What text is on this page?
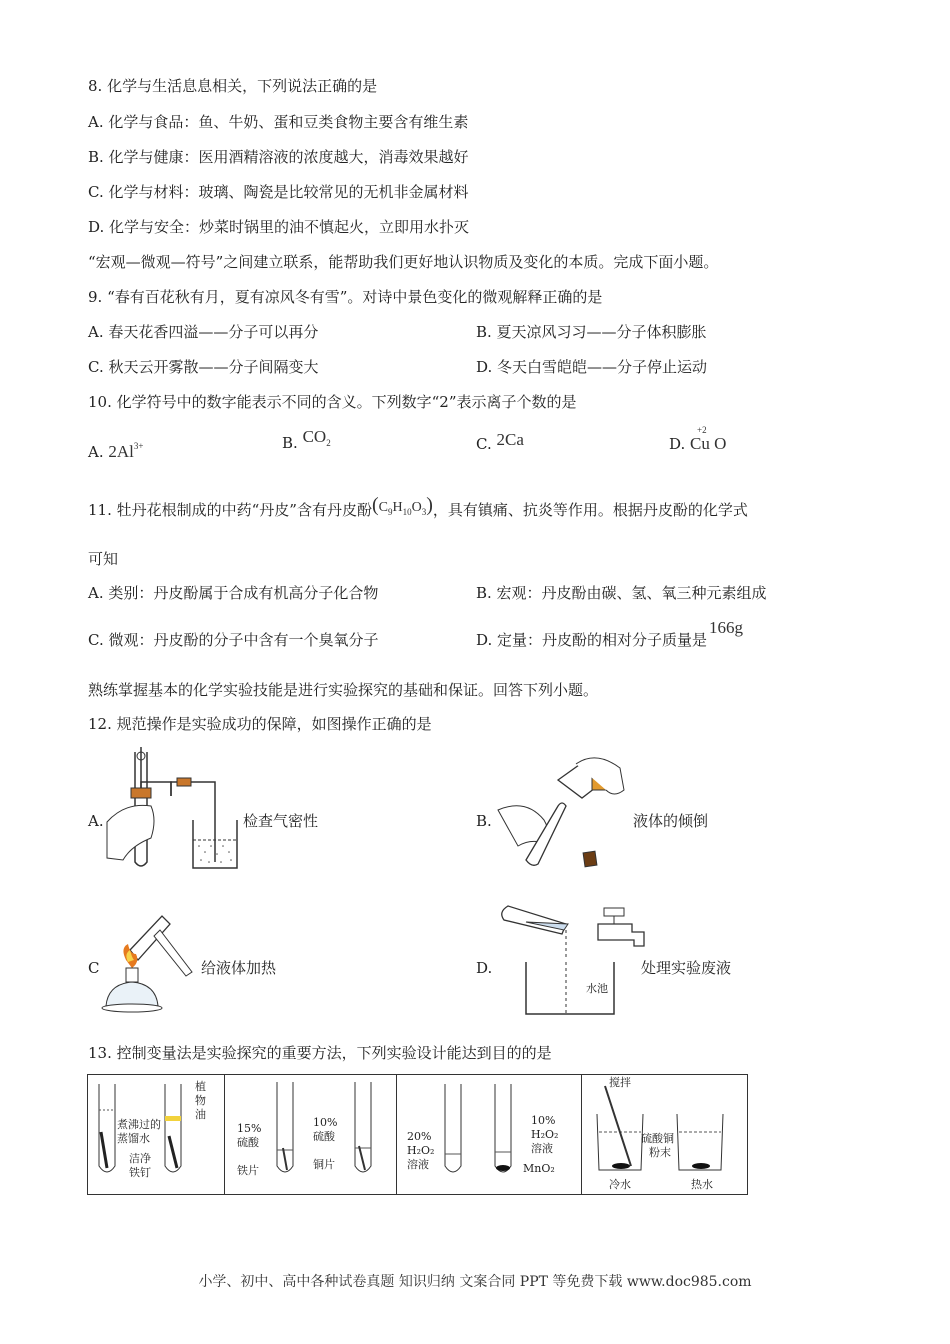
8. 化学与生活息息相关，下列说法正确的是
A. 化学与食品：鱼、牛奶、蛋和豆类食物主要含有维生素
B. 化学与健康：医用酒精溶液的浓度越大，消毒效果越好
C. 化学与材料：玻璃、陶瓷是比较常见的无机非金属材料
D. 化学与安全：炒菜时锅里的油不慎起火，立即用水扑灭
“宏观—微观—符号”之间建立联系，能帮助我们更好地认识物质及变化的本质。完成下面小题。
9. “春有百花秋有月，夏有凉风冬有雪”。对诗中景色变化的微观解释正确的是
A. 春天花香四溢——分子可以再分	B. 夏天凉风习习——分子体积膨胀
C. 秋天云开雾散——分子间隔变大	D. 冬天白雪皑皑——分子停止运动
10. 化学符号中的数字能表示不同的含义。下列数字“2”表示离子个数的是
A. $2Al^{3+}$	B. $CO_2$	C. 2Ca	D.
+2
Cu O
11. 牡丹花根制成的中药“丹皮”含有丹皮酚$(C_9H_{10}O_3)$，具有镇痛、抗炎等作用。根据丹皮酚的化学式
可知
A. 类别：丹皮酚属于合成有机高分子化合物	B. 宏观：丹皮酚由碳、氢、氧三种元素组成
C. 微观：丹皮酚的分子中含有一个臭氧分子	D. 定量：丹皮酚的相对分子质量是166g
熟练掌握基本的化学实验技能是进行实验探究的基础和保证。回答下列小题。
12. 规范操作是实验成功的保障，如图操作正确的是
A.	检查气密性	B.	液体的倾倒
C	给液体加热	D.
水池
处理实验废液
13. 控制变量法是实验探究的重要方法，下列实验设计能达到目的的是
煮沸过的
蒸馏水
植
物
油
洁净
铁钉
15%
硫酸
铁片
10%
硫酸
铜片
20%
H₂O₂
溶液
10%
H₂O₂
溶液
MnO₂
搅拌
硫酸铜
粉末
冷水	热水
小学、初中、高中各种试卷真题 知识归纳 文案合同 PPT 等免费下载 www.doc985.com
